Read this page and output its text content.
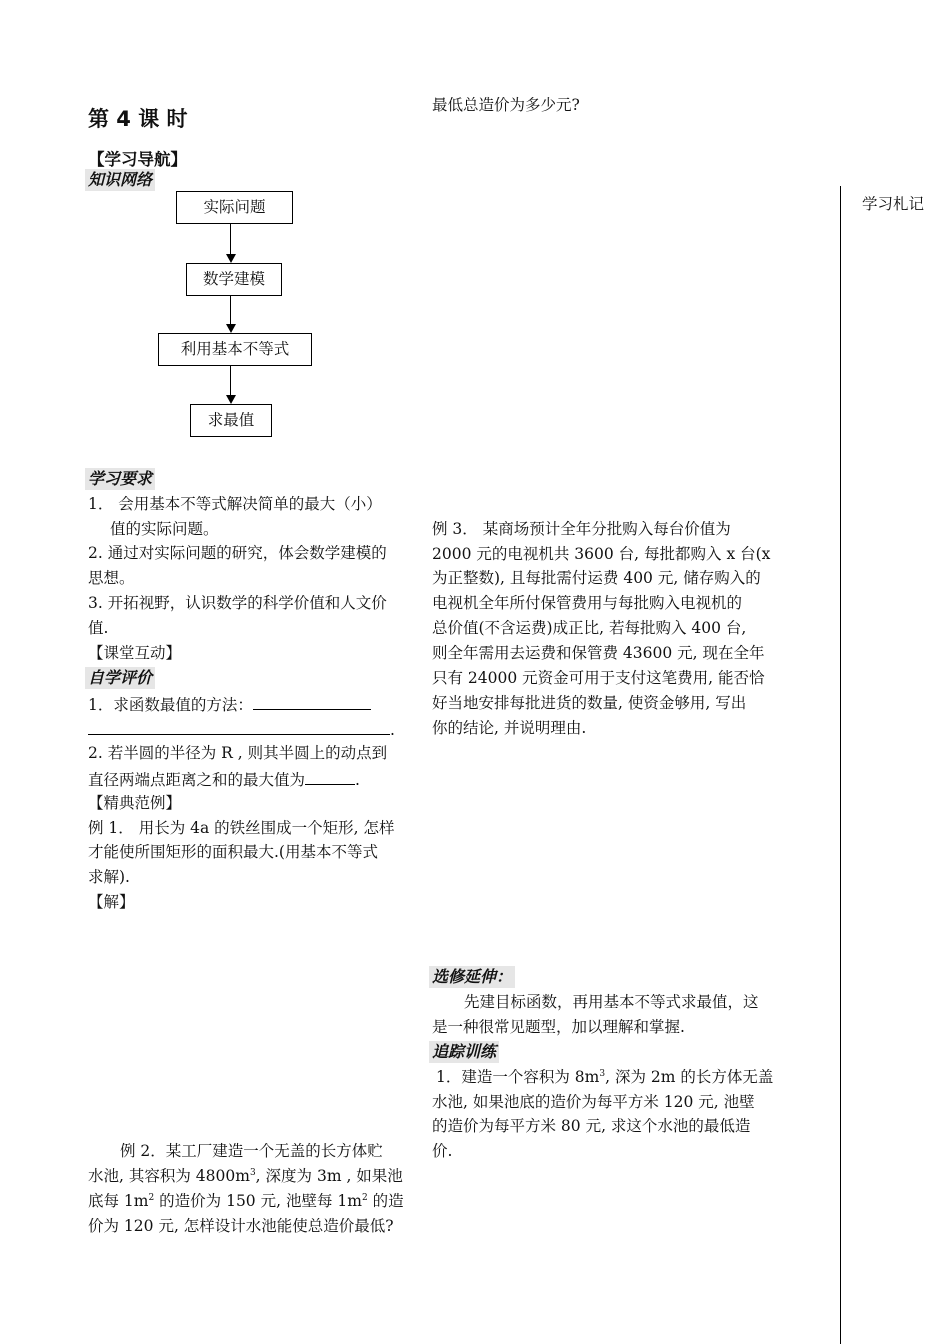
第 4 课 时
【学习导航】
知识网络
实际问题
数学建模
利用基本不等式
求最值
学习要求
1． 会用基本不等式解决简单的最大（小）
值的实际问题。
2. 通过对实际问题的研究，体会数学建模的
思想。
3. 开拓视野，认识数学的科学价值和人文价
值.
【课堂互动】
自学评价
1．求函数最值的方法：
.
2. 若半圆的半径为 R , 则其半圆上的动点到
直径两端点距离之和的最大值为	.
【精典范例】
例 1． 用长为 4a 的铁丝围成一个矩形, 怎样
才能使所围矩形的面积最大.(用基本不等式
求解).
【解】
例 2．某工厂建造一个无盖的长方体贮
水池, 其容积为 $4800m^3$, 深度为 3m , 如果池
底每 $1m^2$ 的造价为 150 元, 池壁每 $1m^2$ 的造
价为 120 元, 怎样设计水池能使总造价最低?
最低总造价为多少元?
例 3． 某商场预计全年分批购入每台价值为
2000 元的电视机共 3600 台, 每批都购入 x 台(x
为正整数), 且每批需付运费 400 元, 储存购入的
电视机全年所付保管费用与每批购入电视机的
总价值(不含运费)成正比, 若每批购入 400 台,
则全年需用去运费和保管费 43600 元, 现在全年
只有 24000 元资金可用于支付这笔费用, 能否恰
好当地安排每批进货的数量, 使资金够用, 写出
你的结论, 并说明理由.
选修延伸：
先建目标函数，再用基本不等式求最值，这
是一种很常见题型，加以理解和掌握.
追踪训练
1．建造一个容积为 $8m^3$, 深为 2m 的长方体无盖
水池, 如果池底的造价为每平方米 120 元, 池壁
的造价为每平方米 80 元, 求这个水池的最低造
价.
学习札记
